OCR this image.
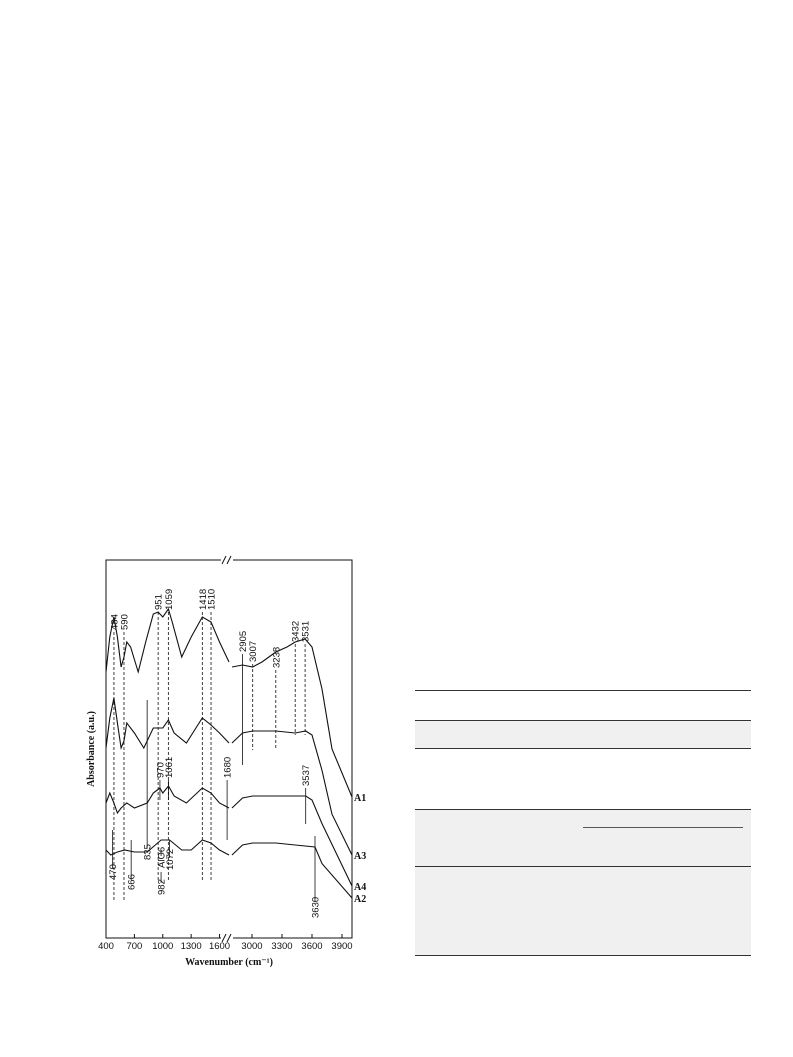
400 700 1000 1300 1600 3000 3300 3600 3900
A1
A3
A4
A2
484 590
951 1059 1418
1510
2905 3007 3238
3432
3531
970
1061	1680	3537
470
666
835 AlO6
982
1072
3630
Absorbance (a.u.)
Wavenumber (cm⁻¹)
